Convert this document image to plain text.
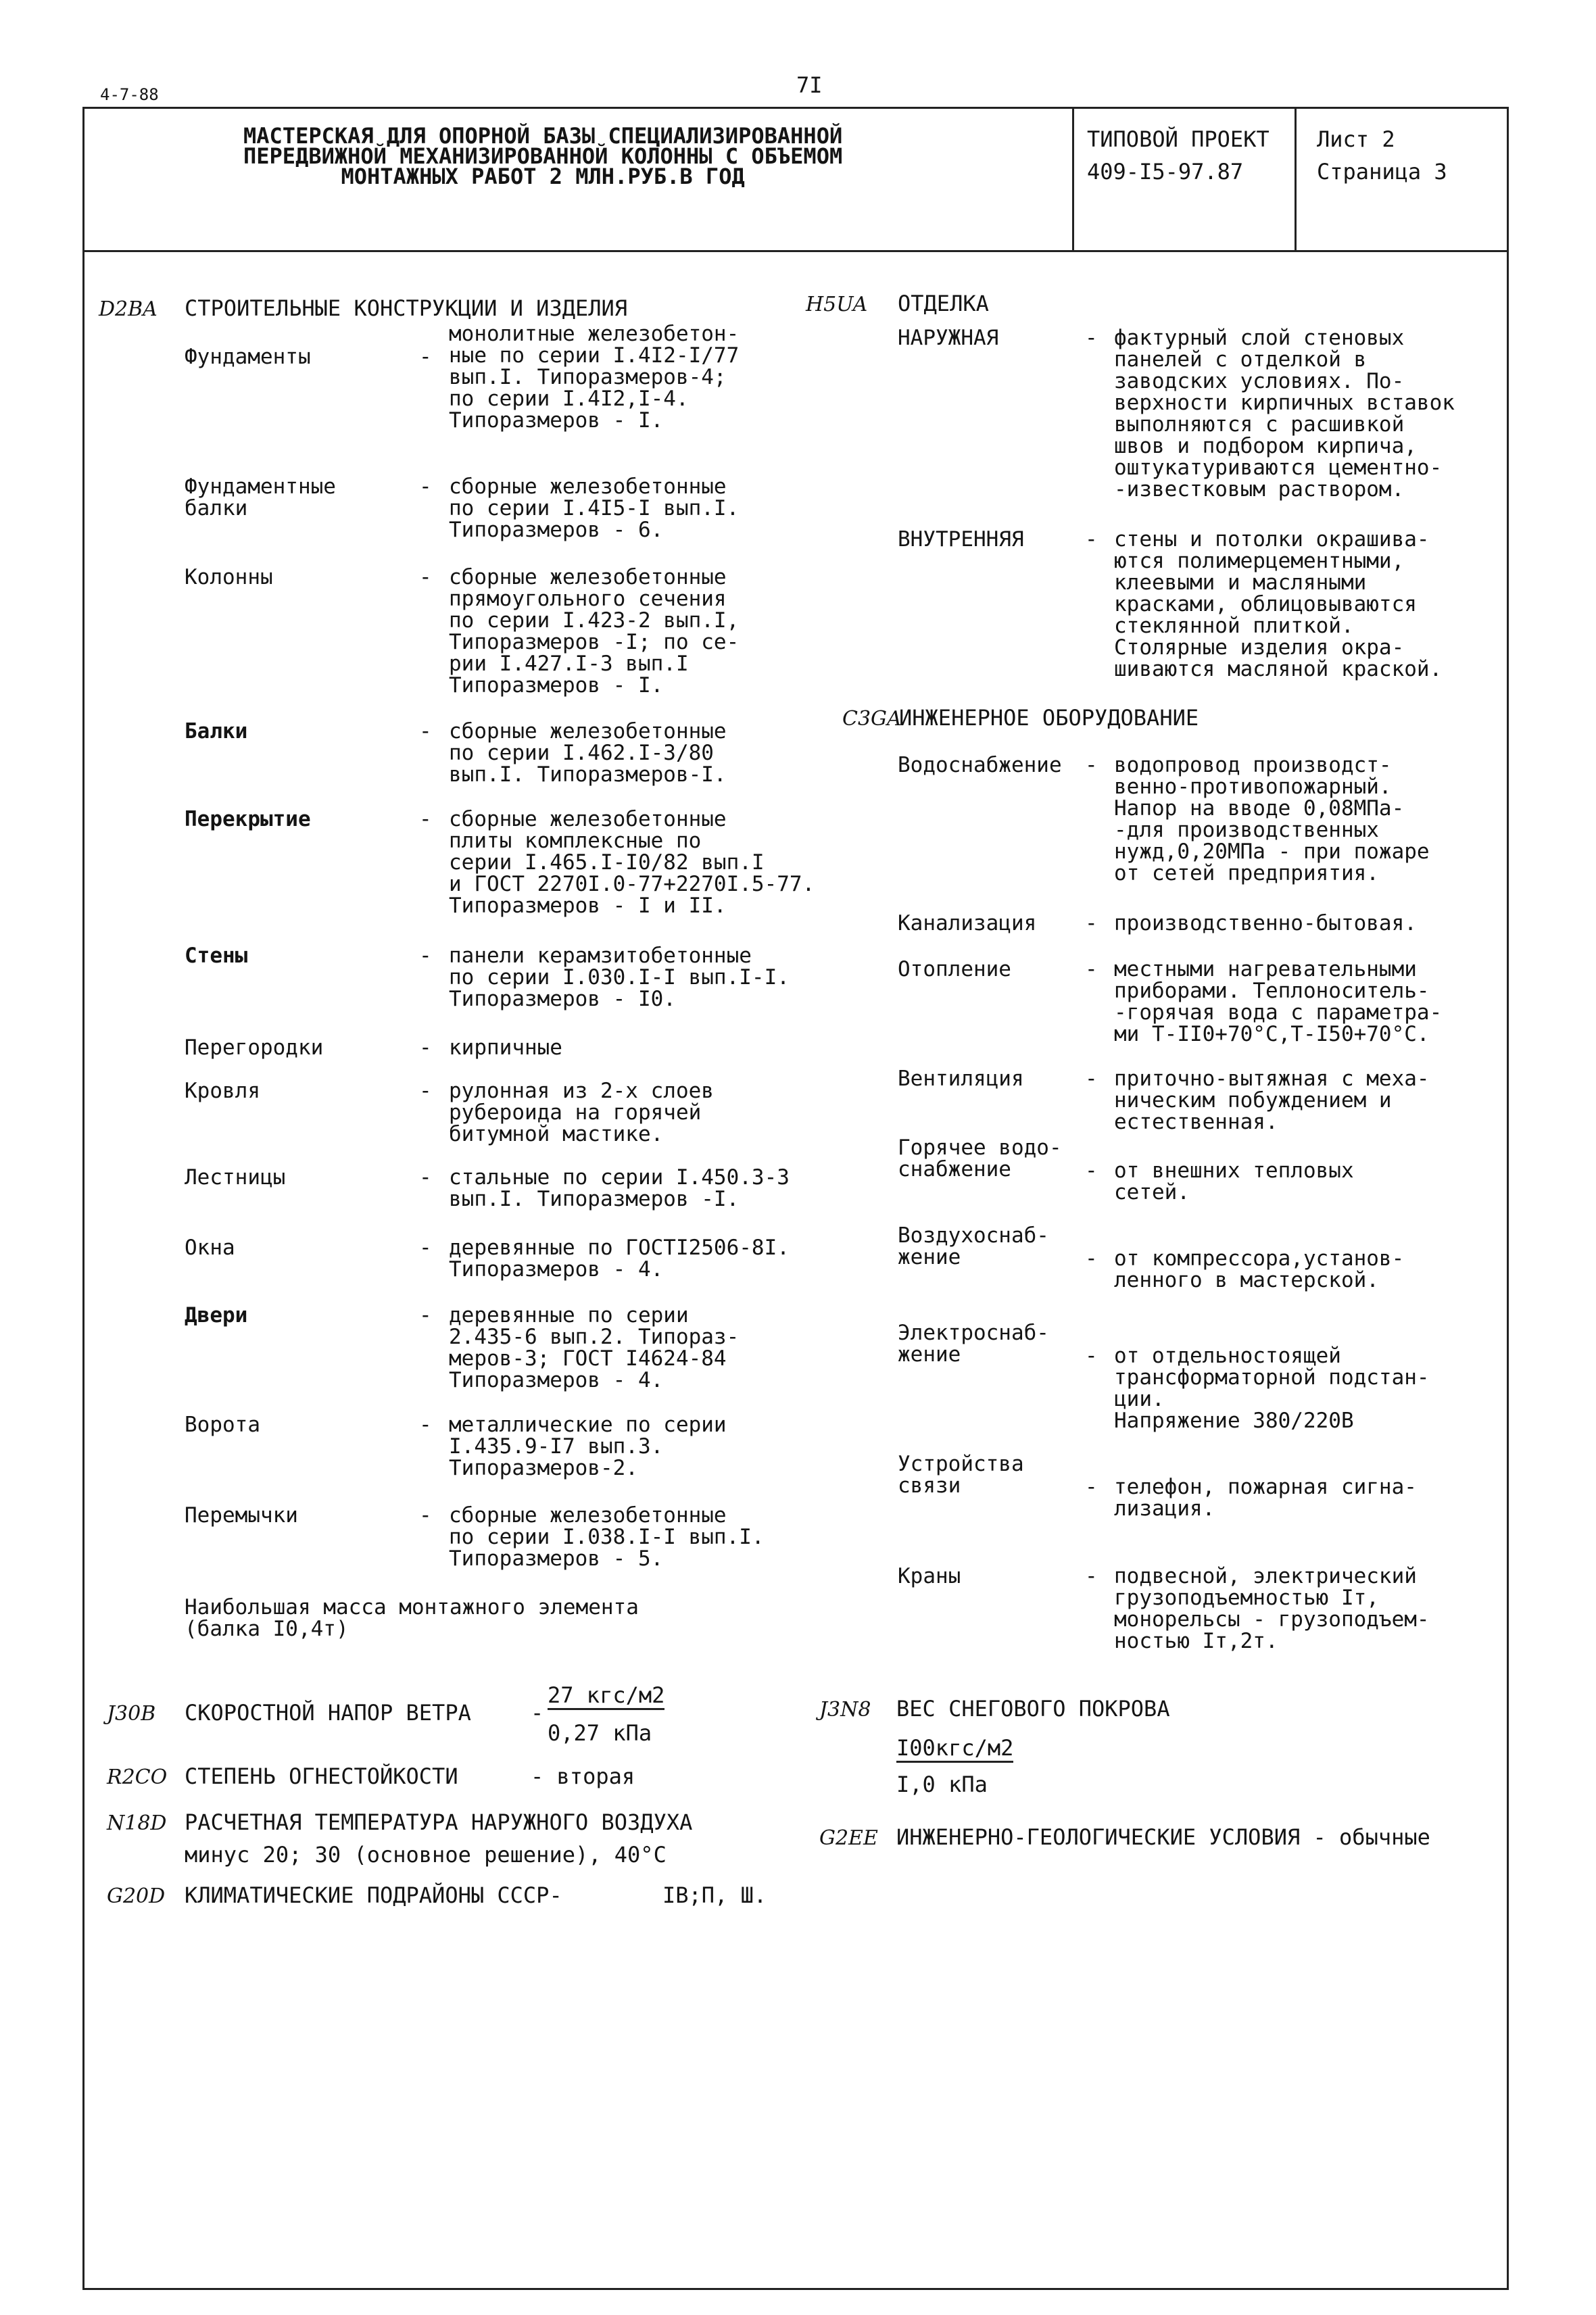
4-7-88	7I
МАСТЕРСКАЯ ДЛЯ ОПОРНОЙ БАЗЫ СПЕЦИАЛИЗИРОВАННОЙ
ПЕРЕДВИЖНОЙ МЕХАНИЗИРОВАННОЙ КОЛОННЫ С ОБЪЕМОМ
МОНТАЖНЫХ РАБОТ 2 МЛН.РУБ.В ГОД
ТИПОВОЙ ПРОЕКТ
409-I5-97.87
Лист 2
Страница 3
D2BA СТРОИТЕЛЬНЫЕ КОНСТРУКЦИИ И ИЗДЕЛИЯ
Фундаменты	-
монолитные железобетон-
ные по серии I.4I2-I/77
вып.I. Типоразмеров-4;
по серии I.4I2,I-4.
Типоразмеров - I.
Фундаментные
балки
- сборные железобетонные
по серии I.4I5-I вып.I.
Типоразмеров - 6.
Колонны	- сборные железобетонные
прямоугольного сечения
по серии I.423-2 вып.I,
Типоразмеров -I; по се-
рии I.427.I-3 вып.I
Типоразмеров - I.
Балки	- сборные железобетонные
по серии I.462.I-3/80
вып.I. Типоразмеров-I.
Перекрытие	- сборные железобетонные
плиты комплексные по
серии I.465.I-I0/82 вып.I
и ГОСТ 2270I.0-77+2270I.5-77.
Типоразмеров - I и II.
Стены	- панели керамзитобетонные
по серии I.030.I-I вып.I-I.
Типоразмеров - I0.
Перегородки	- кирпичные
Кровля	- рулонная из 2-х слоев
рубероида на горячей
битумной мастике.
Лестницы	- стальные по серии I.450.3-3
вып.I. Типоразмеров -I.
Окна	- деревянные по ГОСТI2506-8I.
Типоразмеров - 4.
Двери	- деревянные по серии
2.435-6 вып.2. Типораз-
меров-3; ГОСТ I4624-84
Типоразмеров - 4.
Ворота	- металлические по серии
I.435.9-I7 вып.3.
Типоразмеров-2.
Перемычки	- сборные железобетонные
по серии I.038.I-I вып.I.
Типоразмеров - 5.
Наибольшая масса монтажного элемента
(балка I0,4т)
H5UA ОТДЕЛКА
C3GA
ИНЖЕНЕРНОЕ ОБОРУДОВАНИЕ
НАРУЖНАЯ	- фактурный слой стеновых
панелей с отделкой в
заводских условиях. По-
верхности кирпичных вставок
выполняются с расшивкой
швов и подбором кирпича,
оштукатуриваются цементно-
-известковым раствором.
ВНУТРЕННЯЯ	- стены и потолки окрашива-
ются полимерцементными,
клеевыми и масляными
красками, облицовываются
стеклянной плиткой.
Столярные изделия окра-
шиваются масляной краской.
Водоснабжение - водопровод производст-
венно-противопожарный.
Напор на вводе 0,08МПа-
-для производственных
нужд,0,20МПа - при пожаре
от сетей предприятия.
Канализация - производственно-бытовая.
Отопление	- местными нагревательными
приборами. Теплоноситель-
-горячая вода с параметра-
ми Т-II0+70°С,Т-I50+70°С.
Вентиляция	- приточно-вытяжная с меха-
ническим побуждением и
естественная.
Горячее водо-
снабжение	- от внешних тепловых
сетей.
Воздухоснаб-
жение	- от компрессора,установ-
ленного в мастерской.
Электроснаб-
жение	- от отдельностоящей
трансформаторной подстан-
ции.
Напряжение 380/220В
Устройства
связи	- телефон, пожарная сигна-
лизация.
Краны	- подвесной, электрический
грузоподъемностью Iт,
монорельсы - грузоподъем-
ностью Iт,2т.
J30B СКОРОСТНОЙ НАПОР ВЕТРА	-
27 кгс/м2
0,27 кПа
R2CO СТЕПЕНЬ ОГНЕСТОЙКОСТИ	- вторая
N18D РАСЧЕТНАЯ ТЕМПЕРАТУРА НАРУЖНОГО ВОЗДУХА
минус 20; 30 (основное решение), 40°С
G20D КЛИМАТИЧЕСКИЕ ПОДРАЙОНЫ СССР-	IВ;П, Ш.
J3N8 ВЕС СНЕГОВОГО ПОКРОВА
I00кгс/м2
I,0 кПа
G2EE ИНЖЕНЕРНО-ГЕОЛОГИЧЕСКИЕ УСЛОВИЯ - обычные
